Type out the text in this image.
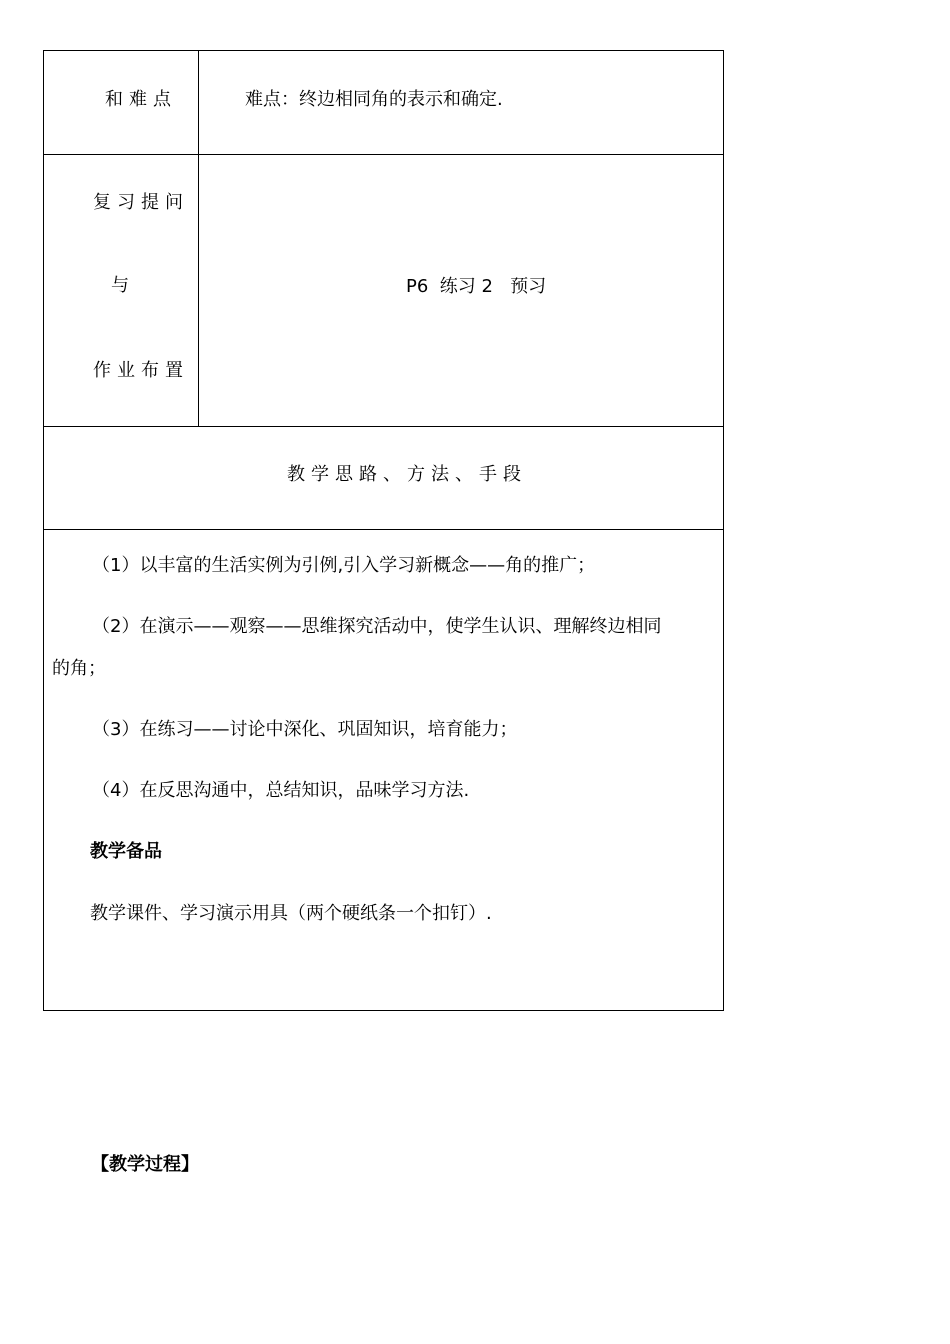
和难点	难点：终边相同角的表示和确定.
复习提问
与
作业布置
P6  练习 2   预习
教学思路、方法、手段
（1）以丰富的生活实例为引例,引入学习新概念——角的推广；
（2）在演示——观察——思维探究活动中，使学生认识、理解终边相同
的角；
（3）在练习——讨论中深化、巩固知识，培育能力；
（4）在反思沟通中，总结知识，品味学习方法.
教学备品
教学课件、学习演示用具（两个硬纸条一个扣钉）.
【教学过程】
